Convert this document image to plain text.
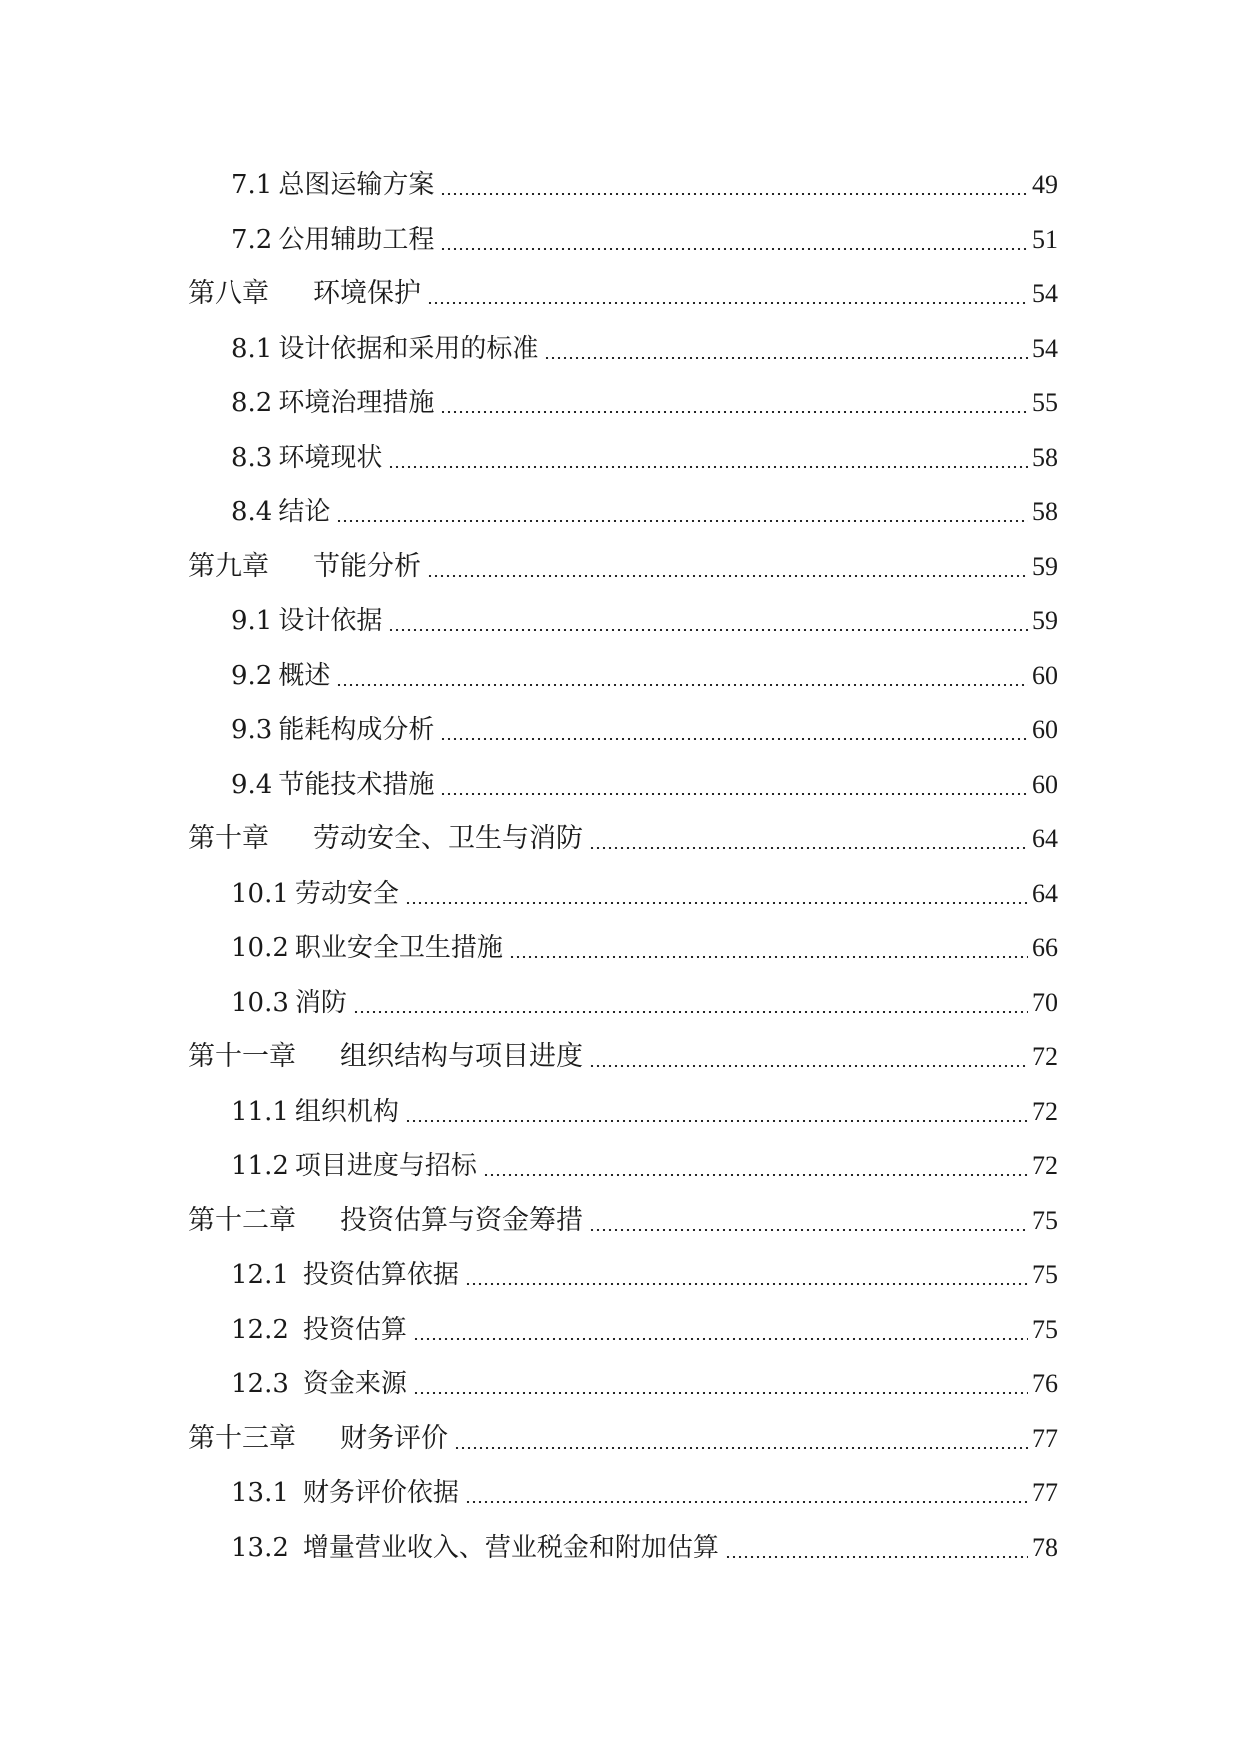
7.1 总图运输方案	49
7.2 公用辅助工程	51
第八章 环境保护	54
8.1 设计依据和采用的标准	54
8.2 环境治理措施	55
8.3 环境现状	58
8.4 结论	58
第九章 节能分析	59
9.1 设计依据	59
9.2 概述	60
9.3 能耗构成分析	60
9.4 节能技术措施	60
第十章 劳动安全、卫生与消防	64
10.1 劳动安全	64
10.2 职业安全卫生措施	66
10.3 消防	70
第十一章 组织结构与项目进度	72
11.1 组织机构	72
11.2 项目进度与招标	72
第十二章 投资估算与资金筹措	75
12.1 投资估算依据	75
12.2 投资估算	75
12.3 资金来源	76
第十三章 财务评价	77
13.1 财务评价依据	77
13.2 增量营业收入、营业税金和附加估算	78
